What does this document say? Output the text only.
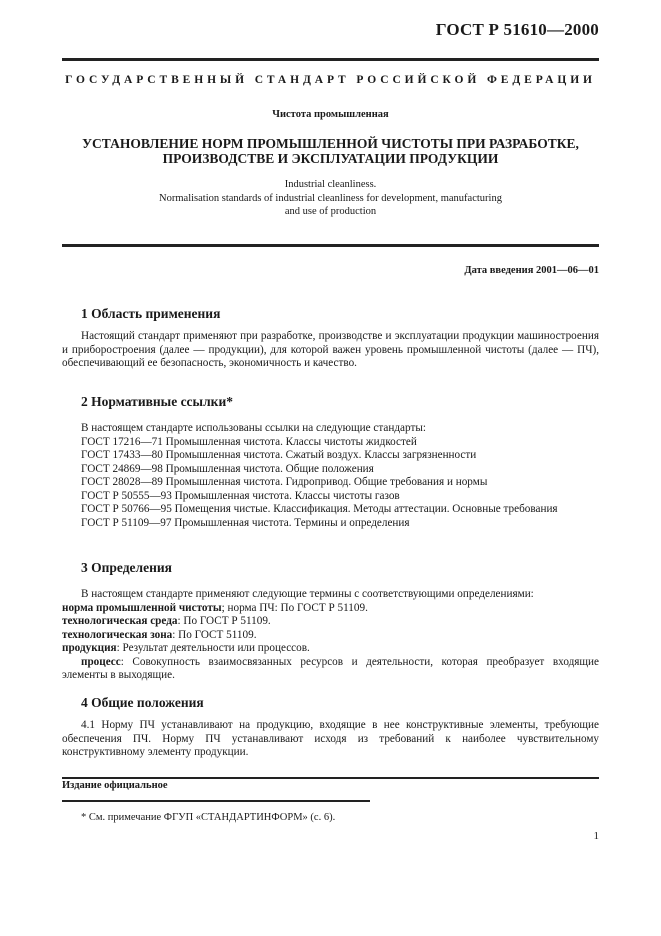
ГОСТ Р 51610—2000
ГОСУДАРСТВЕННЫЙ СТАНДАРТ РОССИЙСКОЙ ФЕДЕРАЦИИ
Чистота промышленная
УСТАНОВЛЕНИЕ НОРМ ПРОМЫШЛЕННОЙ ЧИСТОТЫ ПРИ РАЗРАБОТКЕ,
ПРОИЗВОДСТВЕ И ЭКСПЛУАТАЦИИ ПРОДУКЦИИ
Industrial cleanliness.
Normalisation standards of industrial cleanliness for development, manufacturing
and use of production
Дата введения 2001—06—01
1 Область применения

Настоящий стандарт применяют при разработке, производстве и эксплуатации продукции машиностроения и приборостроения (далее — продукции), для которой важен уровень промышленной чистоты (далее — ПЧ), обеспечивающий ее безопасность, экономичность и качество.

2 Нормативные ссылки*

В настоящем стандарте использованы ссылки на следующие стандарты:

ГОСТ 17216—71 Промышленная чистота. Классы чистоты жидкостей

ГОСТ 17433—80 Промышленная чистота. Сжатый воздух. Классы загрязненности

ГОСТ 24869—98 Промышленная чистота. Общие положения

ГОСТ 28028—89 Промышленная чистота. Гидропривод. Общие требования и нормы

ГОСТ Р 50555—93 Промышленная чистота. Классы чистоты газов

ГОСТ Р 50766—95 Помещения чистые. Классификация. Методы аттестации. Основные требования

ГОСТ Р 51109—97 Промышленная чистота. Термины и определения

3 Определения

В настоящем стандарте применяют следующие термины с соответствующими определениями:

норма промышленной чистоты; норма ПЧ: По ГОСТ Р 51109.

технологическая среда: По ГОСТ Р 51109.

технологическая зона: По ГОСТ 51109.

продукция: Результат деятельности или процессов.

процесс: Совокупность взаимосвязанных ресурсов и деятельности, которая преобразует входящие элементы в выходящие.

4 Общие положения

4.1 Норму ПЧ устанавливают на продукцию, входящие в нее конструктивные элементы, требующие обеспечения ПЧ. Норму ПЧ устанавливают исходя из требований к наиболее чувствительному конструктивному элементу продукции.

Издание официальное
* См. примечание ФГУП «СТАНДАРТИНФОРМ» (с. 6).
1
